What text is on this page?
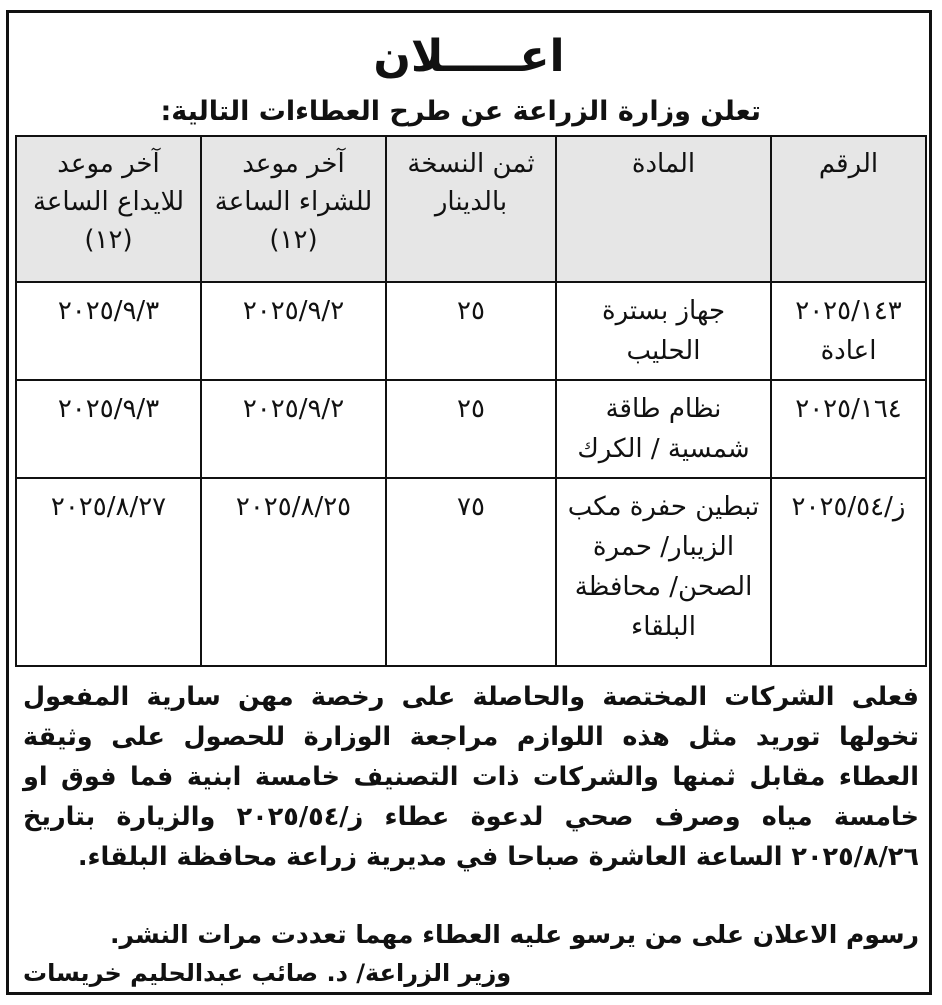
اعـــــلان
تعلن وزارة الزراعة عن طرح العطاءات التالية:
الرقم	المادة	ثمن النسخة بالدينار	آخر موعد للشراء الساعة (١٢)	آخر موعد للايداع الساعة (١٢)
٢٠٢٥/١٤٣ اعادة	جهاز بسترة الحليب	٢٥	٢٠٢٥/٩/٢	٢٠٢٥/٩/٣
٢٠٢٥/١٦٤	نظام طاقة شمسية / الكرك	٢٥	٢٠٢٥/٩/٢	٢٠٢٥/٩/٣
ز/٢٠٢٥/٥٤	تبطين حفرة مكب الزيبار/ حمرة الصحن/ محافظة البلقاء	٧٥	٢٠٢٥/٨/٢٥	٢٠٢٥/٨/٢٧
فعلى الشركات المختصة والحاصلة على رخصة مهن سارية المفعول تخولها توريد مثل هذه اللوازم مراجعة الوزارة للحصول على وثيقة العطاء مقابل ثمنها والشركات ذات التصنيف خامسة ابنية فما فوق او خامسة مياه وصرف صحي لدعوة عطاء ز/٢٠٢٥/٥٤ والزيارة بتاريخ ٢٠٢٥/٨/٢٦ الساعة العاشرة صباحا في مديرية زراعة محافظة البلقاء.
رسوم الاعلان على من يرسو عليه العطاء مهما تعددت مرات النشر.
وزير الزراعة/ د. صائب عبدالحليم خريسات
